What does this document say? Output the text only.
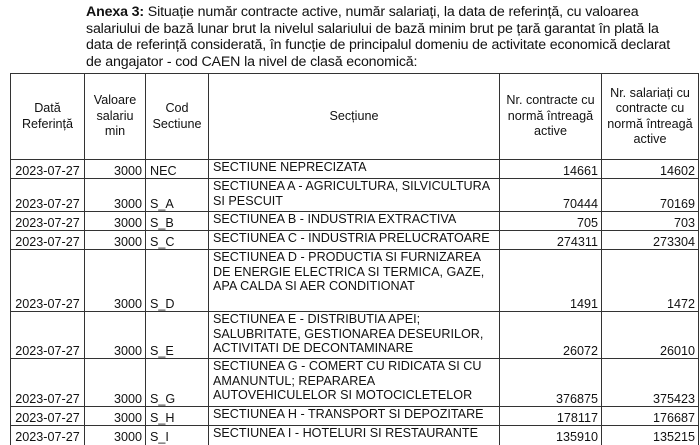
Anexa 3: Situație număr contracte active, număr salariați, la data de referință, cu valoarea salariului de bază lunar brut la nivelul salariului de bază minim brut pe țară garantat în plată la data de referință considerată, în funcție de principalul domeniu de activitate economică declarat de angajator - cod CAEN la nivel de clasă economică:
Dată Referință	Valoare salariu min	Cod Sectiune	Secțiune	Nr. contracte cu normă întreagă active	Nr. salariați cu contracte cu normă întreagă active
2023-07-27	3000	NEC	SECTIUNE NEPRECIZATA	14661	14602
2023-07-27	3000	S_A	SECTIUNEA A - AGRICULTURA, SILVICULTURA SI PESCUIT	70444	70169
2023-07-27	3000	S_B	SECTIUNEA B - INDUSTRIA EXTRACTIVA	705	703
2023-07-27	3000	S_C	SECTIUNEA C - INDUSTRIA PRELUCRATOARE	274311	273304
2023-07-27	3000	S_D	SECTIUNEA D - PRODUCTIA SI FURNIZAREA DE ENERGIE ELECTRICA SI TERMICA, GAZE, APA CALDA SI AER CONDITIONAT	1491	1472
2023-07-27	3000	S_E	SECTIUNEA E - DISTRIBUTIA APEI; SALUBRITATE, GESTIONAREA DESEURILOR, ACTIVITATI DE DECONTAMINARE	26072	26010
2023-07-27	3000	S_G	SECTIUNEA G - COMERT CU RIDICATA SI CU AMANUNTUL; REPARAREA AUTOVEHICULELOR SI MOTOCICLETELOR	376875	375423
2023-07-27	3000	S_H	SECTIUNEA H - TRANSPORT SI DEPOZITARE	178117	176687
2023-07-27	3000	S_I	SECTIUNEA I - HOTELURI SI RESTAURANTE	135910	135215
